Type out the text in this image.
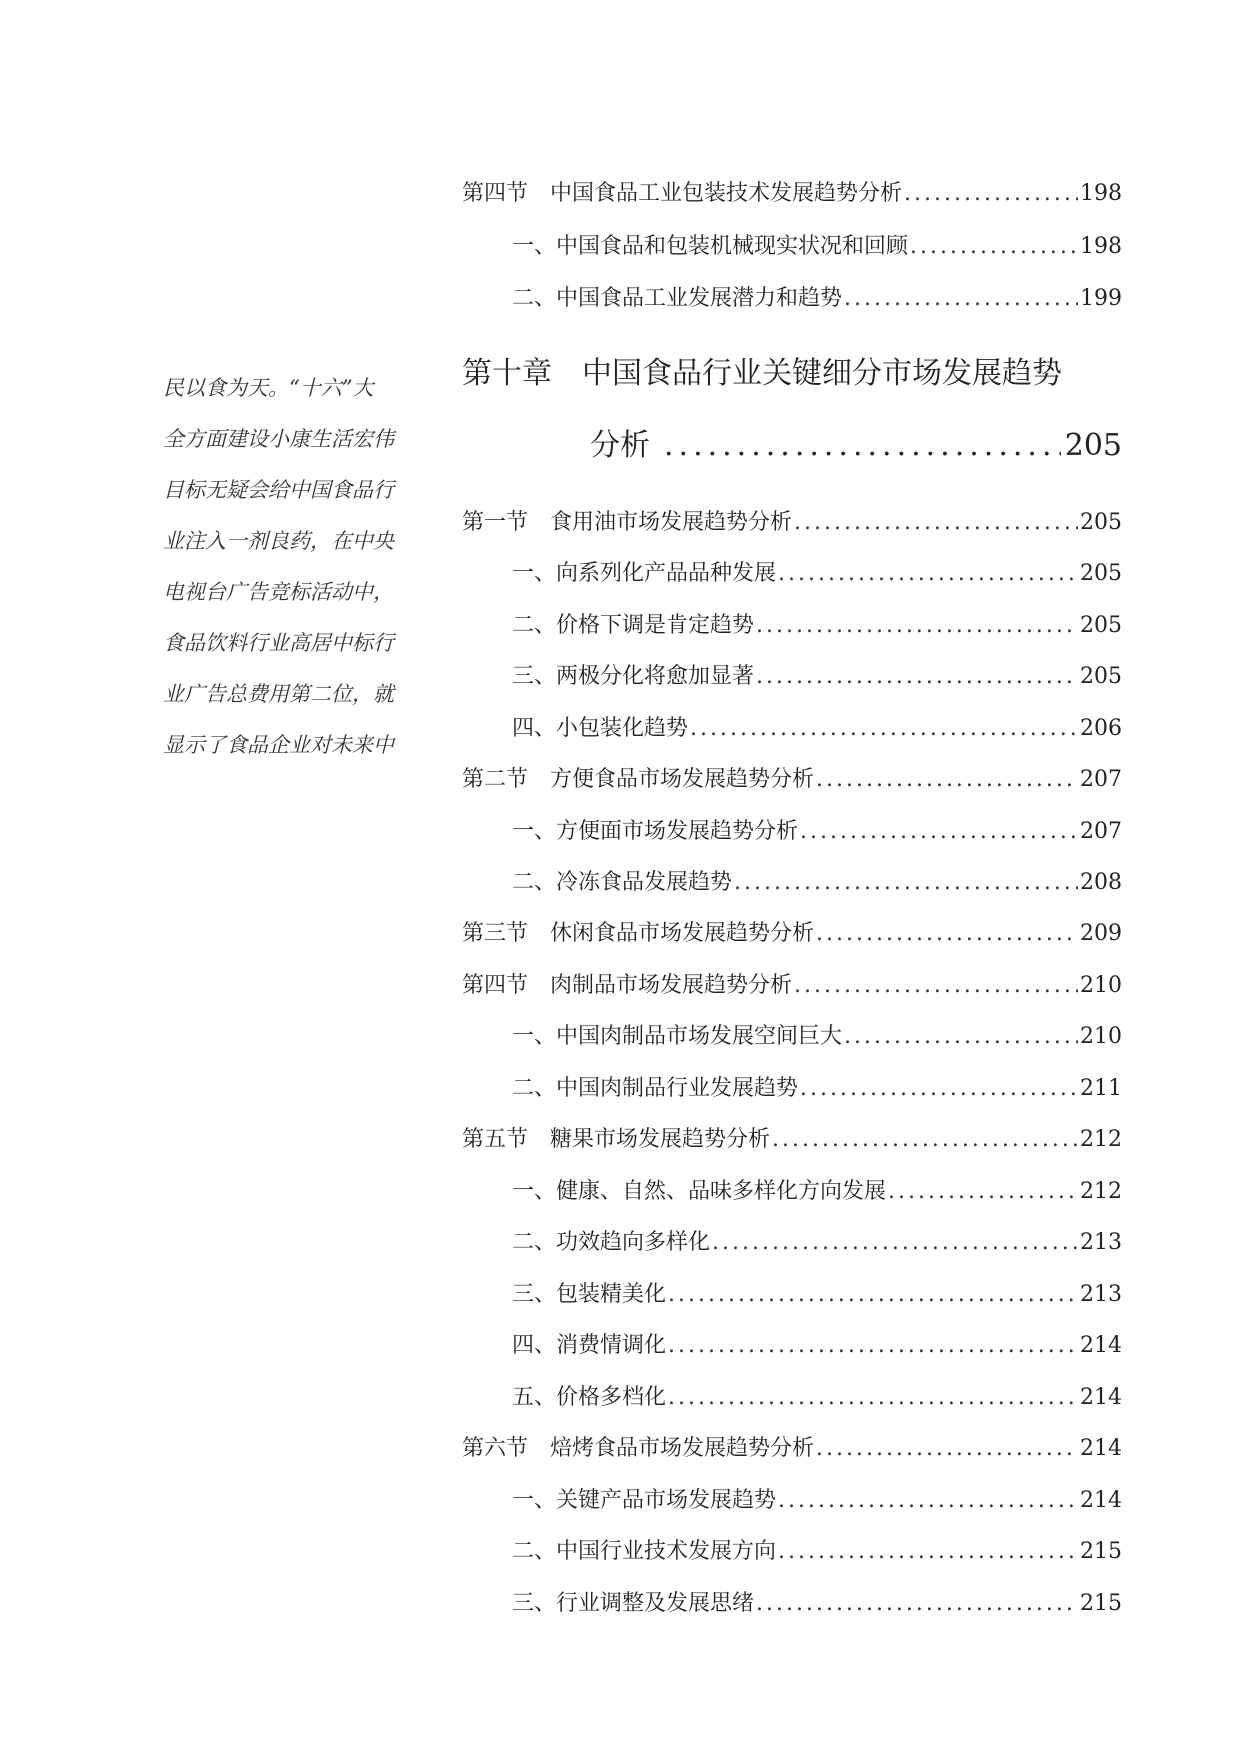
民以食为天。“十六”大
全方面建设小康生活宏伟
目标无疑会给中国食品行
业注入一剂良药，在中央
电视台广告竞标活动中，
食品饮料行业高居中标行
业广告总费用第二位，就
显示了食品企业对未来中
第四节 中国食品工业包装技术发展趋势分析 .....	198
一、中国食品和包装机械现实状况和回顾 .....	198
二、中国食品工业发展潜力和趋势 .....	199
第十章 中国食品行业关键细分市场发展趋势
分析 .....	205
第一节 食用油市场发展趋势分析 .....	205
一、向系列化产品品种发展 .....	205
二、价格下调是肯定趋势 .....	205
三、两极分化将愈加显著 .....	205
四、小包装化趋势 .....	206
第二节 方便食品市场发展趋势分析 .....	207
一、方便面市场发展趋势分析 .....	207
二、冷冻食品发展趋势 .....	208
第三节 休闲食品市场发展趋势分析 .....	209
第四节 肉制品市场发展趋势分析 .....	210
一、中国肉制品市场发展空间巨大 .....	210
二、中国肉制品行业发展趋势 .....	211
第五节 糖果市场发展趋势分析 .....	212
一、健康、自然、品味多样化方向发展 .....	212
二、功效趋向多样化 .....	213
三、包装精美化 .....	213
四、消费情调化 .....	214
五、价格多档化 .....	214
第六节 焙烤食品市场发展趋势分析 .....	214
一、关键产品市场发展趋势 .....	214
二、中国行业技术发展方向 .....	215
三、行业调整及发展思绪 .....	215
